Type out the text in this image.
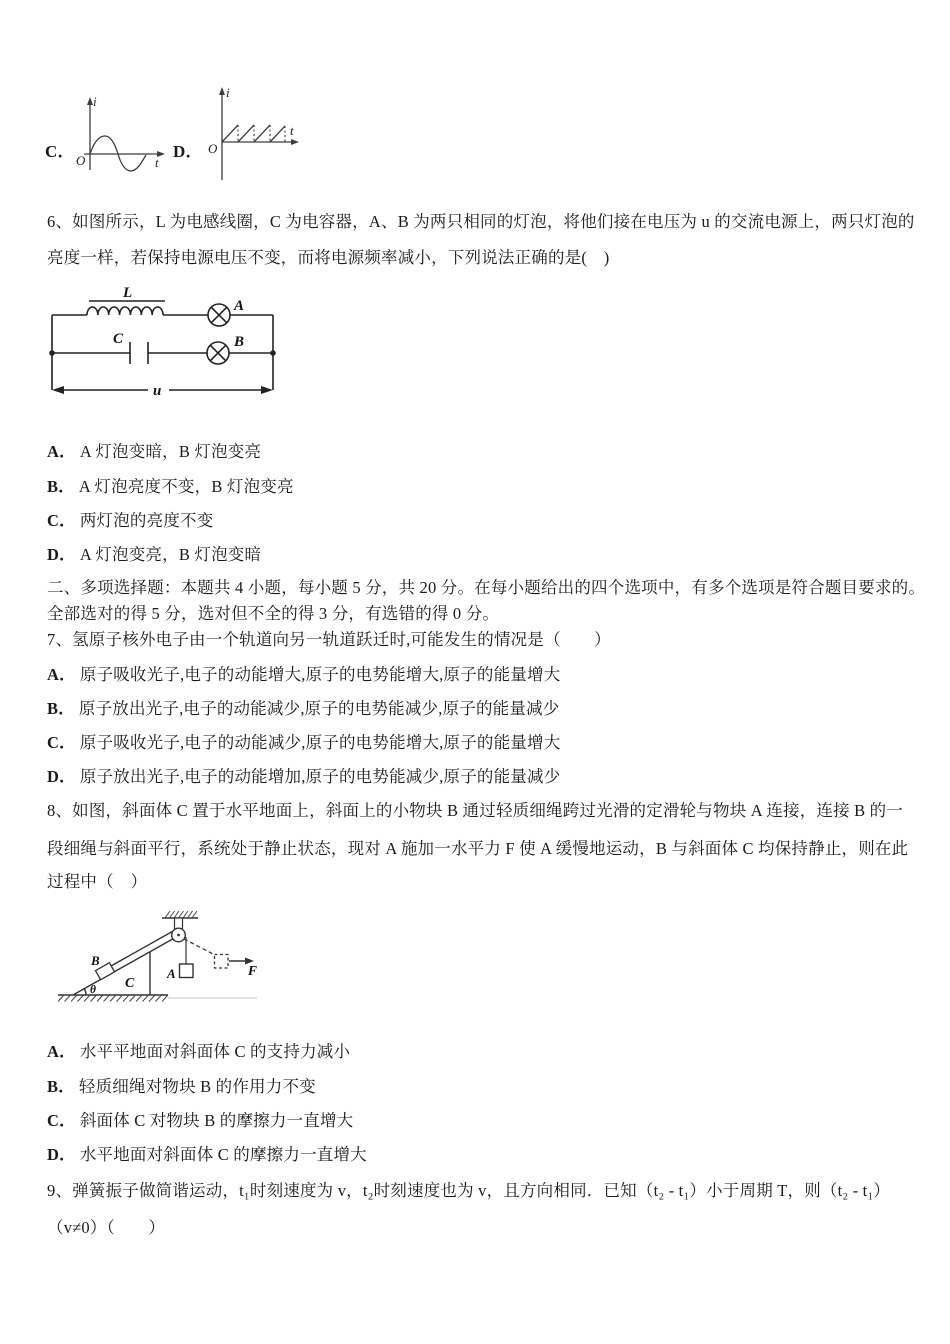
C．
i
O	t
D．
i
O
t
6、如图所示，L 为电感线圈，C 为电容器，A、B 为两只相同的灯泡，将他们接在电压为 u 的交流电源上，两只灯泡的
亮度一样，若保持电源电压不变，而将电源频率减小，下列说法正确的是(　)
L
A
C	B
u
A． A 灯泡变暗，B 灯泡变亮
B． A 灯泡亮度不变，B 灯泡变亮
C． 两灯泡的亮度不变
D． A 灯泡变亮，B 灯泡变暗
二、多项选择题：本题共 4 小题，每小题 5 分，共 20 分。在每小题给出的四个选项中，有多个选项是符合题目要求的。
全部选对的得 5 分，选对但不全的得 3 分，有选错的得 0 分。
7、氢原子核外电子由一个轨道向另一轨道跃迁时,可能发生的情况是（　　）
A． 原子吸收光子,电子的动能增大,原子的电势能增大,原子的能量增大
B． 原子放出光子,电子的动能减少,原子的电势能减少,原子的能量减少
C． 原子吸收光子,电子的动能减少,原子的电势能增大,原子的能量增大
D． 原子放出光子,电子的动能增加,原子的电势能减少,原子的能量减少
8、如图，斜面体 C 置于水平地面上，斜面上的小物块 B 通过轻质细绳跨过光滑的定滑轮与物块 A 连接，连接 B 的一
段细绳与斜面平行，系统处于静止状态，现对 A 施加一水平力 F 使 A 缓慢地运动，B 与斜面体 C 均保持静止，则在此
过程中（　）
B
θ C
A	F
A． 水平平地面对斜面体 C 的支持力减小
B． 轻质细绳对物块 B 的作用力不变
C． 斜面体 C 对物块 B 的摩擦力一直增大
D． 水平地面对斜面体 C 的摩擦力一直增大
9、弹簧振子做简谐运动，t₁时刻速度为 v，t₂时刻速度也为 v，且方向相同．已知（t₂ - t₁）小于周期 T，则（t₂ - t₁）
（v≠0）（　　）
